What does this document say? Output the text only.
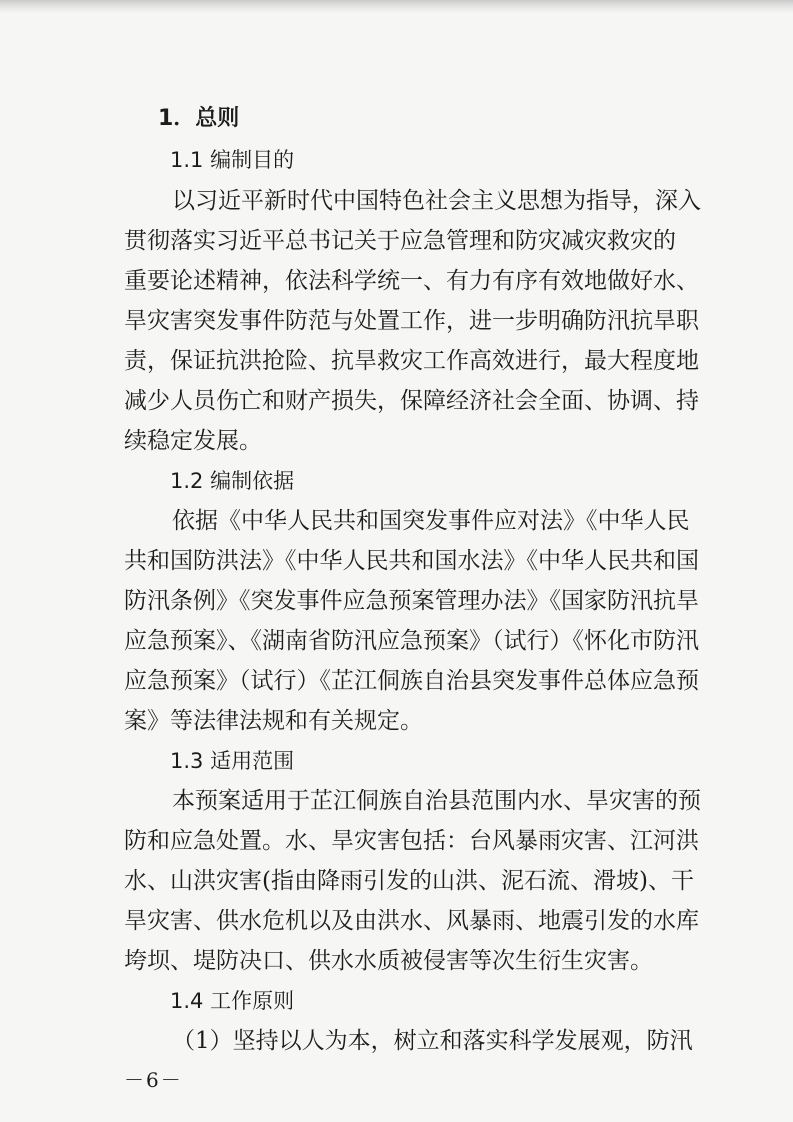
1．总则

1.1 编制目的

以习近平新时代中国特色社会主义思想为指导，深入

贯彻落实习近平总书记关于应急管理和防灾减灾救灾的

重要论述精神，依法科学统一、有力有序有效地做好水、

旱灾害突发事件防范与处置工作，进一步明确防汛抗旱职

责，保证抗洪抢险、抗旱救灾工作高效进行，最大程度地

减少人员伤亡和财产损失，保障经济社会全面、协调、持

续稳定发展。

1.2 编制依据

依据《中华人民共和国突发事件应对法》《中华人民

共和国防洪法》《中华人民共和国水法》《中华人民共和国

防汛条例》《突发事件应急预案管理办法》《国家防汛抗旱

应急预案》、《湖南省防汛应急预案》（试行）《怀化市防汛

应急预案》（试行）《芷江侗族自治县突发事件总体应急预

案》等法律法规和有关规定。

1.3 适用范围

本预案适用于芷江侗族自治县范围内水、旱灾害的预

防和应急处置。水、旱灾害包括：台风暴雨灾害、江河洪

水、山洪灾害(指由降雨引发的山洪、泥石流、滑坡)、干

旱灾害、供水危机以及由洪水、风暴雨、地震引发的水库

垮坝、堤防决口、供水水质被侵害等次生衍生灾害。

1.4 工作原则

（1）坚持以人为本，树立和落实科学发展观，防汛

－6－
